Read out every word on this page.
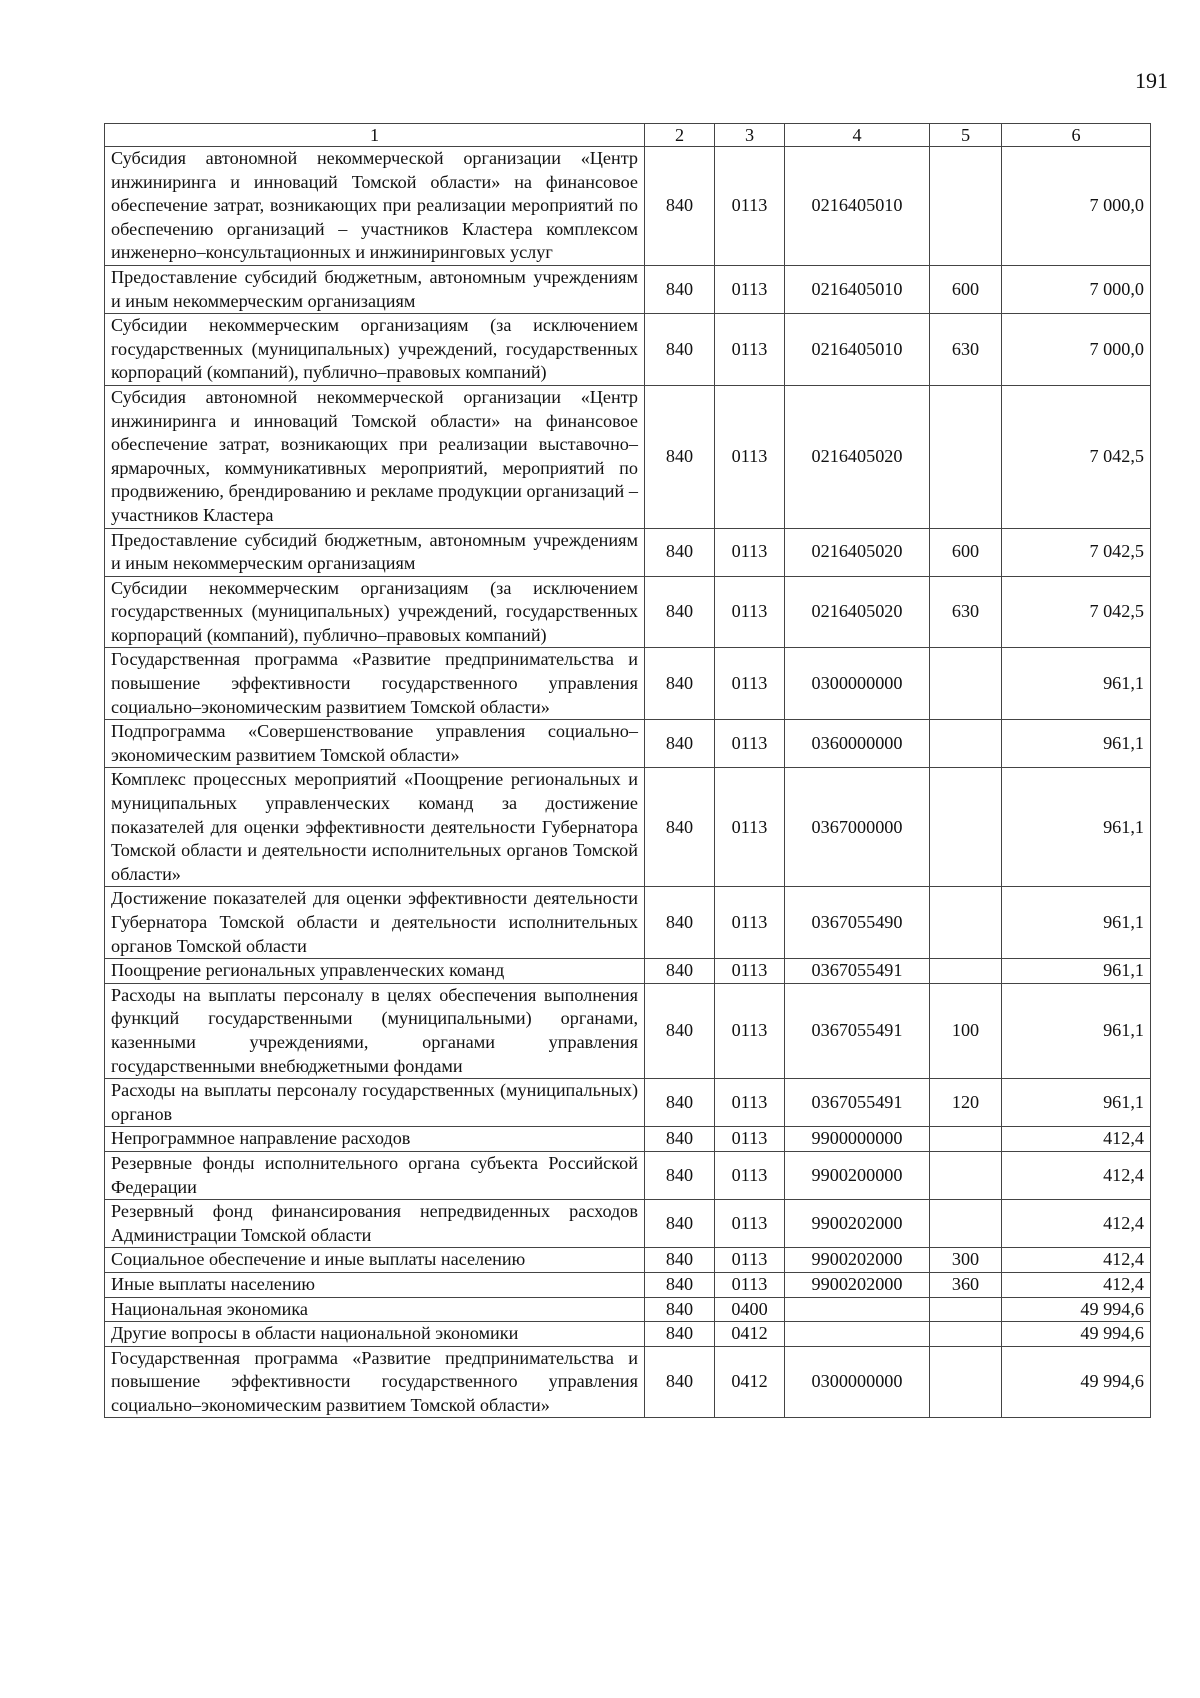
191
1	2	3	4	5	6
Субсидия автономной некоммерческой организации «Центр инжиниринга и инноваций Томской области» на финансовое обеспечение затрат, возникающих при реализации мероприятий по обеспечению организаций – участников Кластера комплексом инженерно–консультационных и инжиниринговых услуг	840	0113	0216405010		7 000,0
Предоставление субсидий бюджетным, автономным учреждениям и иным некоммерческим организациям	840	0113	0216405010	600	7 000,0
Субсидии некоммерческим организациям (за исключением государственных (муниципальных) учреждений, государственных корпораций (компаний), публично–правовых компаний)	840	0113	0216405010	630	7 000,0
Субсидия автономной некоммерческой организации «Центр инжиниринга и инноваций Томской области» на финансовое обеспечение затрат, возникающих при реализации выставочно–ярмарочных, коммуникативных мероприятий, мероприятий по продвижению, брендированию и рекламе продукции организаций – участников Кластера	840	0113	0216405020		7 042,5
Предоставление субсидий бюджетным, автономным учреждениям и иным некоммерческим организациям	840	0113	0216405020	600	7 042,5
Субсидии некоммерческим организациям (за исключением государственных (муниципальных) учреждений, государственных корпораций (компаний), публично–правовых компаний)	840	0113	0216405020	630	7 042,5
Государственная программа «Развитие предпринимательства и повышение эффективности государственного управления социально–экономическим развитием Томской области»	840	0113	0300000000		961,1
Подпрограмма «Совершенствование управления социально–экономическим развитием Томской области»	840	0113	0360000000		961,1
Комплекс процессных мероприятий «Поощрение региональных и муниципальных управленческих команд за достижение показателей для оценки эффективности деятельности Губернатора Томской области и деятельности исполнительных органов Томской области»	840	0113	0367000000		961,1
Достижение показателей для оценки эффективности деятельности Губернатора Томской области и деятельности исполнительных органов Томской области	840	0113	0367055490		961,1
Поощрение региональных управленческих команд	840	0113	0367055491		961,1
Расходы на выплаты персоналу в целях обеспечения выполнения функций государственными (муниципальными) органами, казенными учреждениями, органами управления государственными внебюджетными фондами	840	0113	0367055491	100	961,1
Расходы на выплаты персоналу государственных (муниципальных) органов	840	0113	0367055491	120	961,1
Непрограммное направление расходов	840	0113	9900000000		412,4
Резервные фонды исполнительного органа субъекта Российской Федерации	840	0113	9900200000		412,4
Резервный фонд финансирования непредвиденных расходов Администрации Томской области	840	0113	9900202000		412,4
Социальное обеспечение и иные выплаты населению	840	0113	9900202000	300	412,4
Иные выплаты населению	840	0113	9900202000	360	412,4
Национальная экономика	840	0400			49 994,6
Другие вопросы в области национальной экономики	840	0412			49 994,6
Государственная программа «Развитие предпринимательства и повышение эффективности государственного управления социально–экономическим развитием Томской области»	840	0412	0300000000		49 994,6
